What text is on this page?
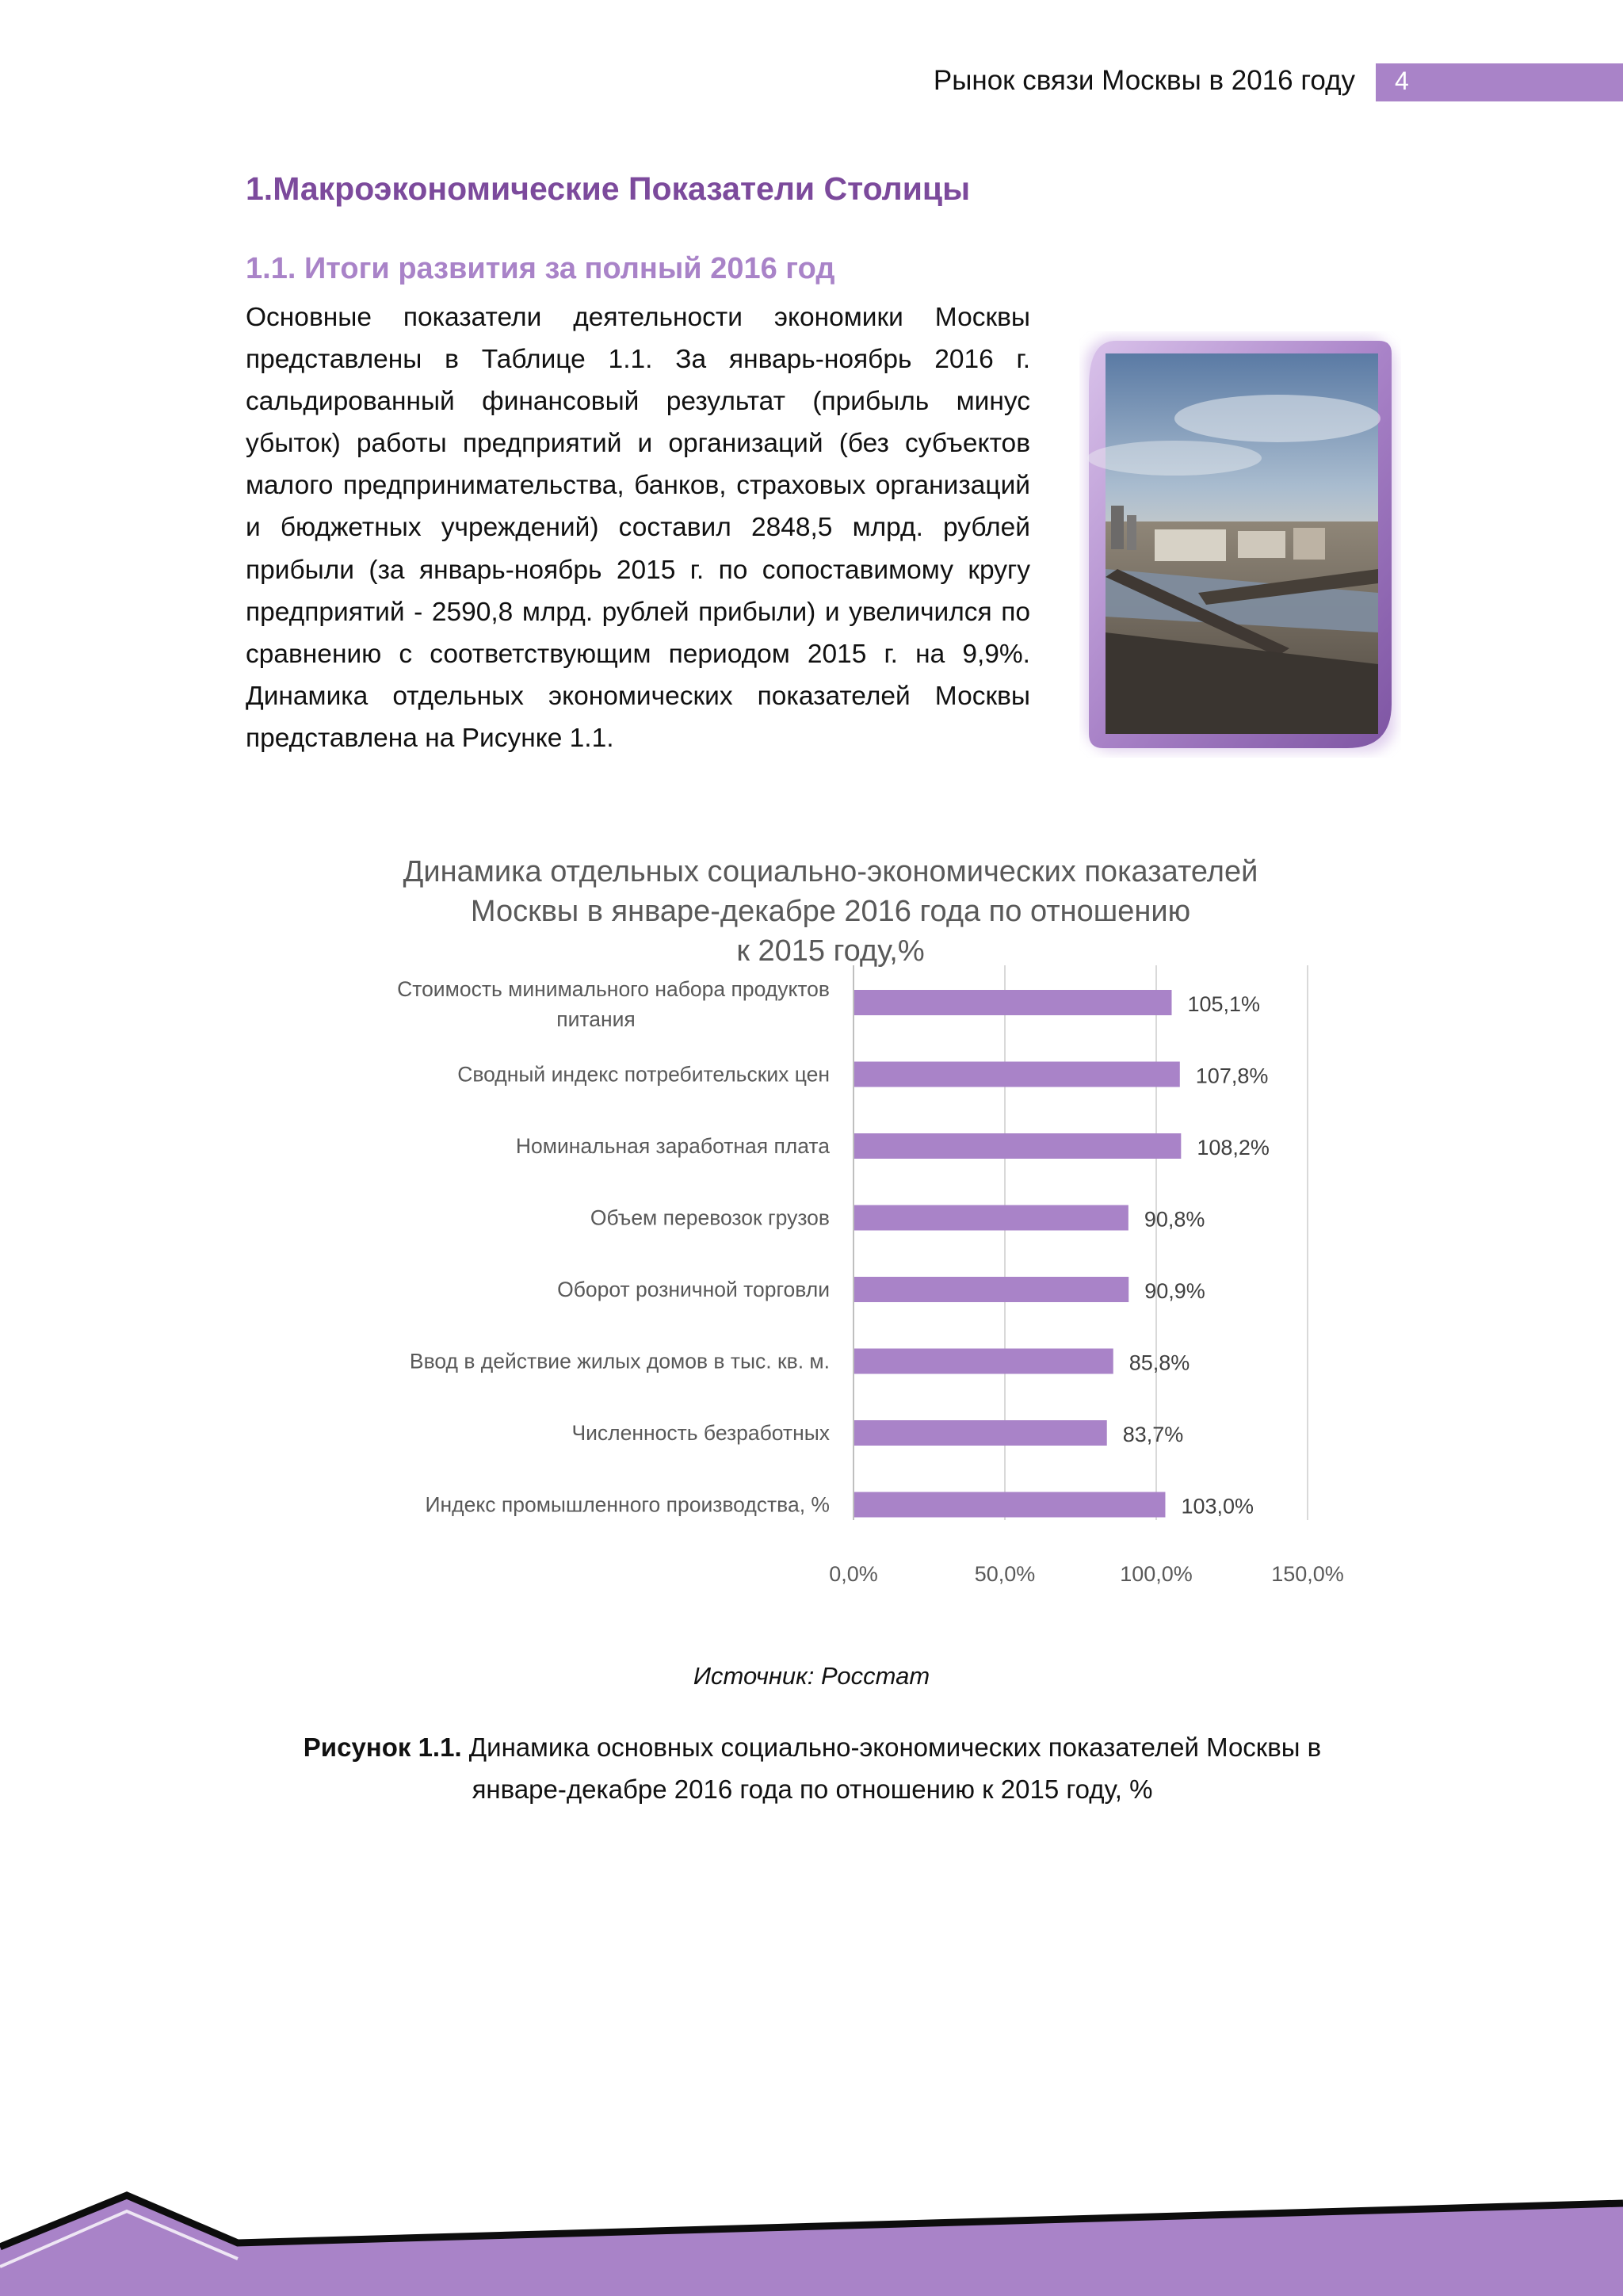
Рынок связи Москвы в 2016 году 4
1.Макроэкономические Показатели Столицы
1.1. Итоги развития за полный 2016 год
Основные показатели деятельности экономики Москвы представлены в Таблице 1.1. За январь-ноябрь 2016 г. сальдированный финансовый результат (прибыль минус убыток) работы предприятий и организаций (без субъектов малого предпринимательства, банков, страховых организаций и бюджетных учреждений) составил 2848,5 млрд. рублей прибыли (за январь-ноябрь 2015 г. по сопоставимому кругу предприятий - 2590,8 млрд. рублей прибыли) и увеличился по сравнению с соответствующим периодом 2015 г. на 9,9%. Динамика отдельных экономических показателей Москвы представлена на Рисунке 1.1.
Динамика отдельных социально-экономических показателей
Москвы в январе-декабре 2016 года по отношению
к 2015 году,%
105,1%
Стоимость минимального набора продуктов
питания
107,8%
Сводный индекс потребительских цен
108,2%
Номинальная заработная плата
90,8%
Объем перевозок грузов
90,9%
Оборот розничной торговли
85,8%
Ввод в действие жилых домов в тыс. кв. м.
83,7%
Численность безработных
103,0%
Индекс промышленного производства, %
0,0%	50,0%	100,0%	150,0%
Источник: Росстат
Рисунок 1.1. Динамика основных социально-экономических показателей Москвы в январе-декабре 2016 года по отношению к 2015 году, %
